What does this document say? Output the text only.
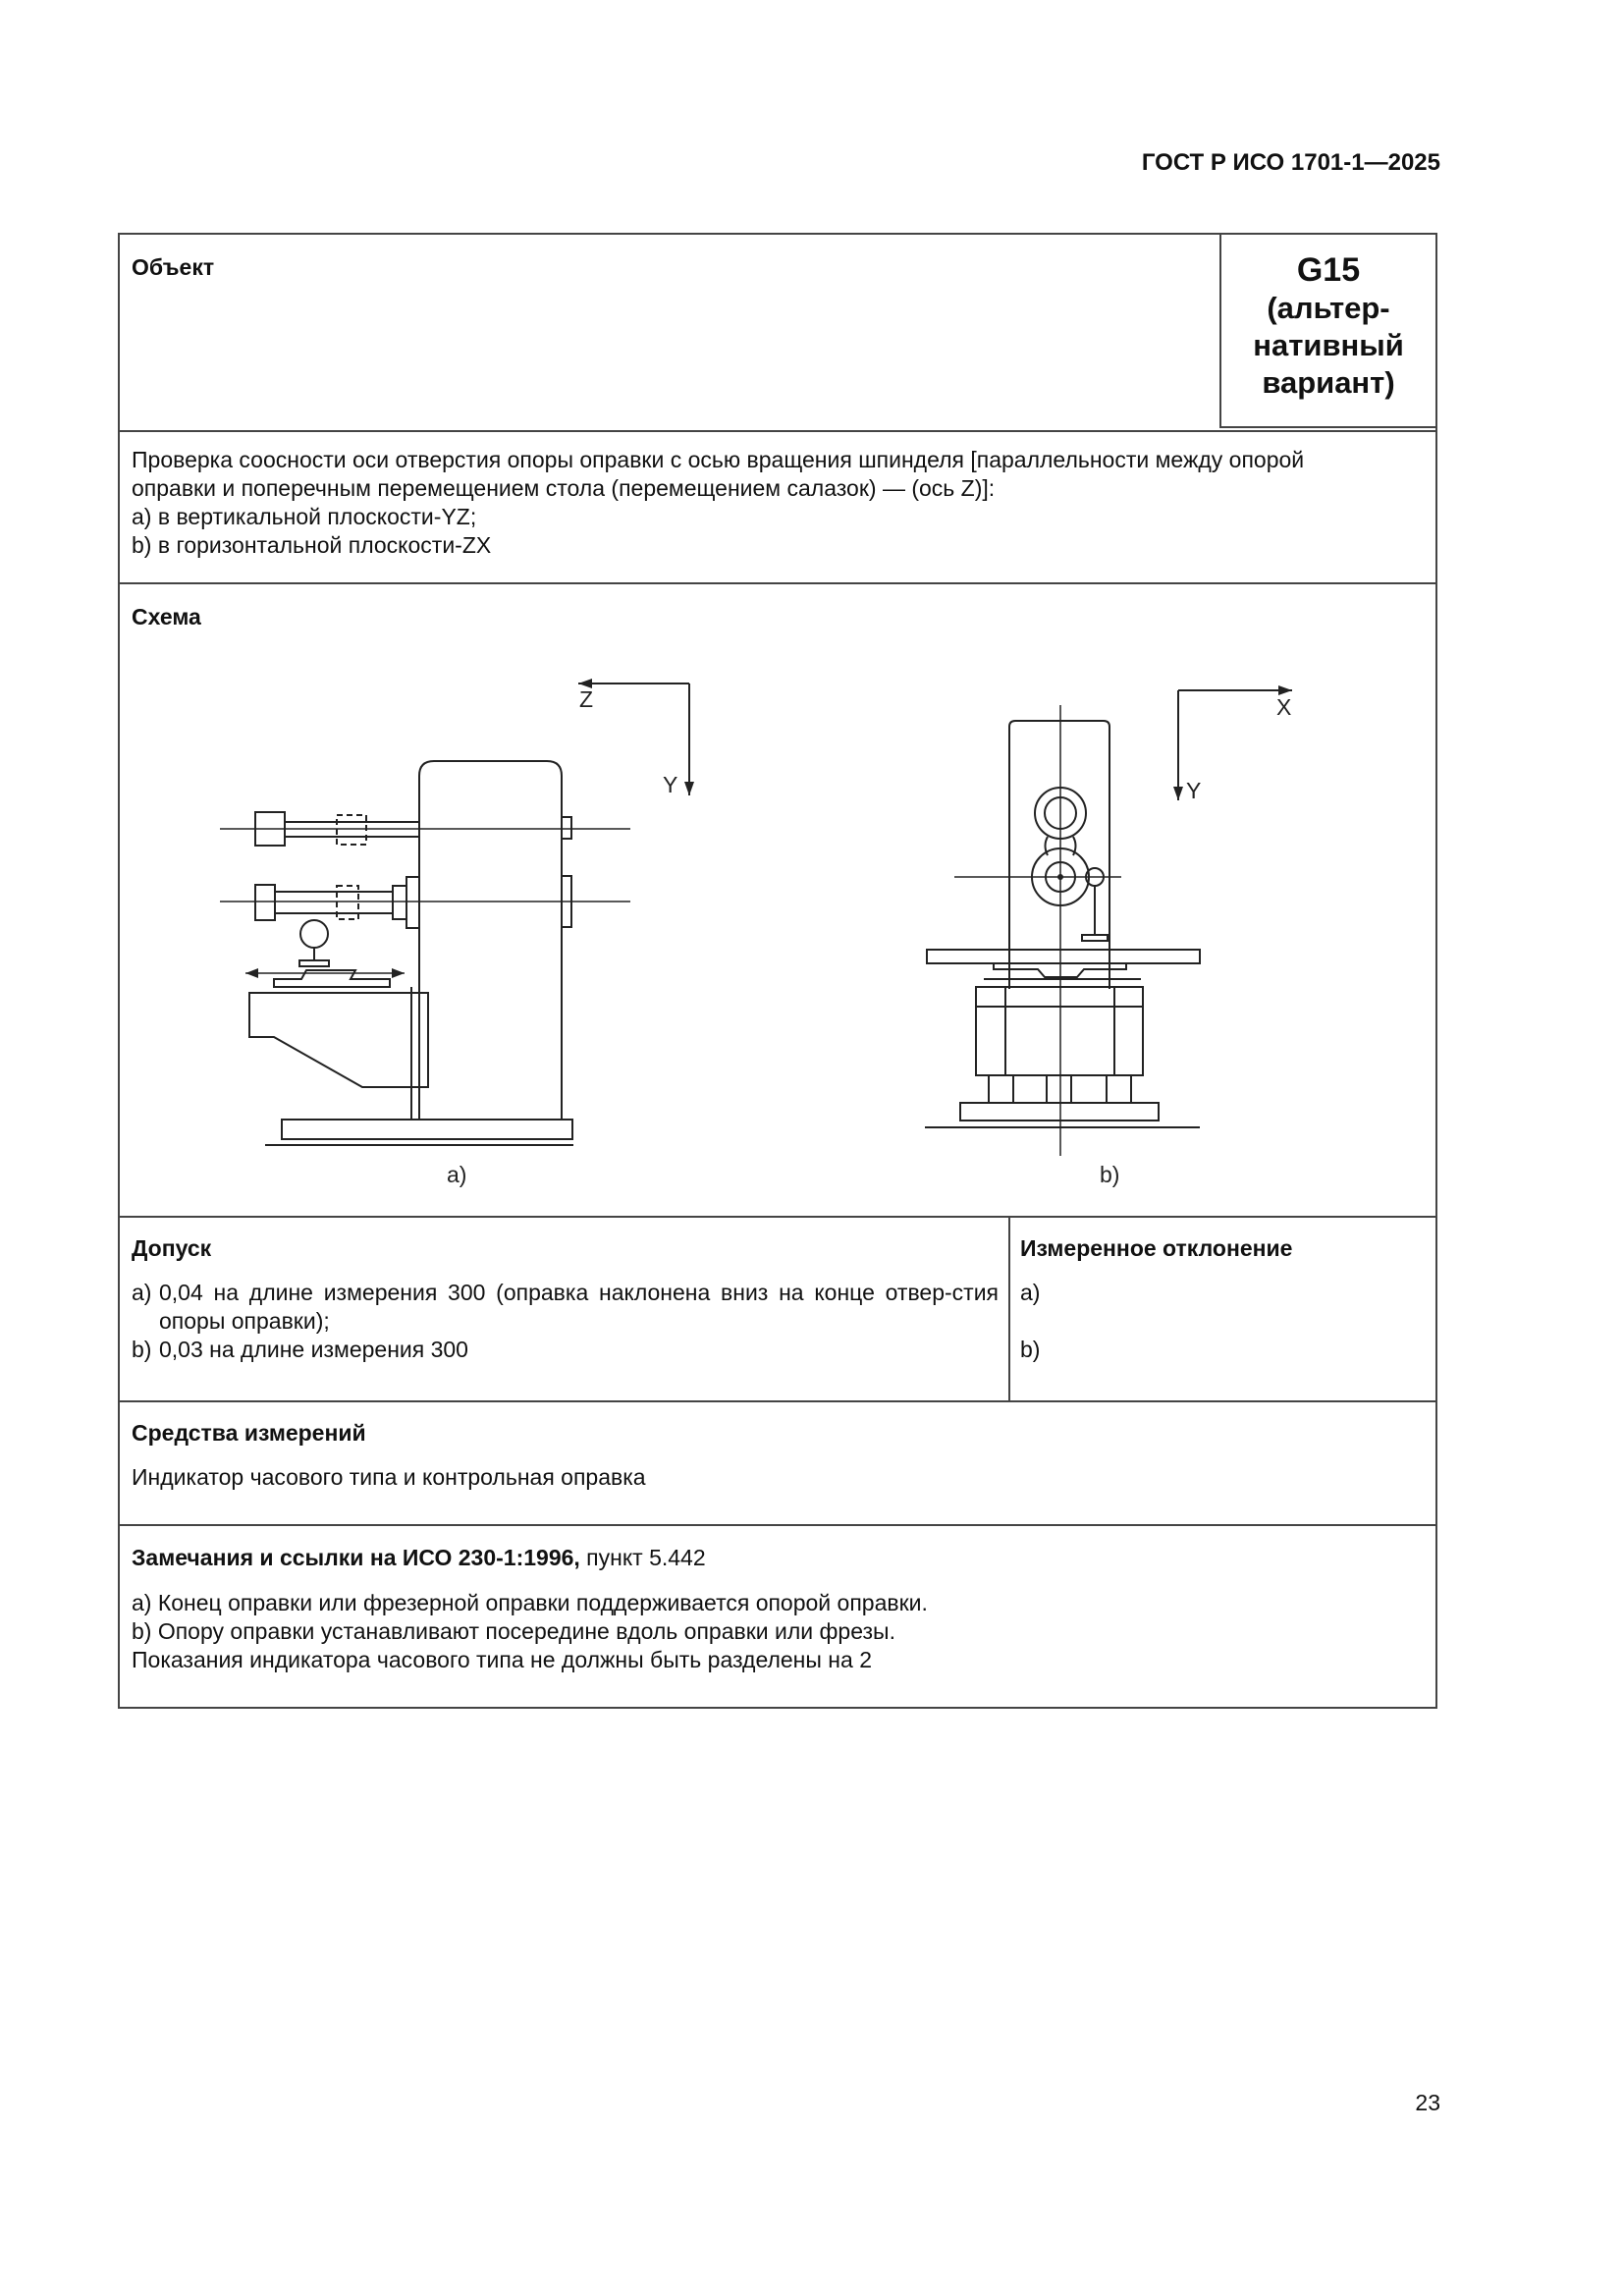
ГОСТ Р ИСО 1701-1—2025
Объект	G15
(альтер-
нативный
вариант)
Проверка соосности оси отверстия опоры оправки с осью вращения шпинделя [параллельности между опорой
оправки и поперечным перемещением стола (перемещением салазок) — (ось Z)]:
a) в вертикальной плоскости-YZ;
b) в горизонтальной плоскости-ZX
Схема
Z
Y
X
Y
a)	b)
Допуск
a) 0,04 на длине измерения 300 (оправка наклонена вниз на конце отвер-стия опоры оправки);
b) 0,03 на длине измерения 300
Измеренное отклонение
a)
b)
Средства измерений
Индикатор часового типа и контрольная оправка
Замечания и ссылки на ИСО 230-1:1996, пункт 5.442
a) Конец оправки или фрезерной оправки поддерживается опорой оправки.
b) Опору оправки устанавливают посередине вдоль оправки или фрезы.
Показания индикатора часового типа не должны быть разделены на 2
23
